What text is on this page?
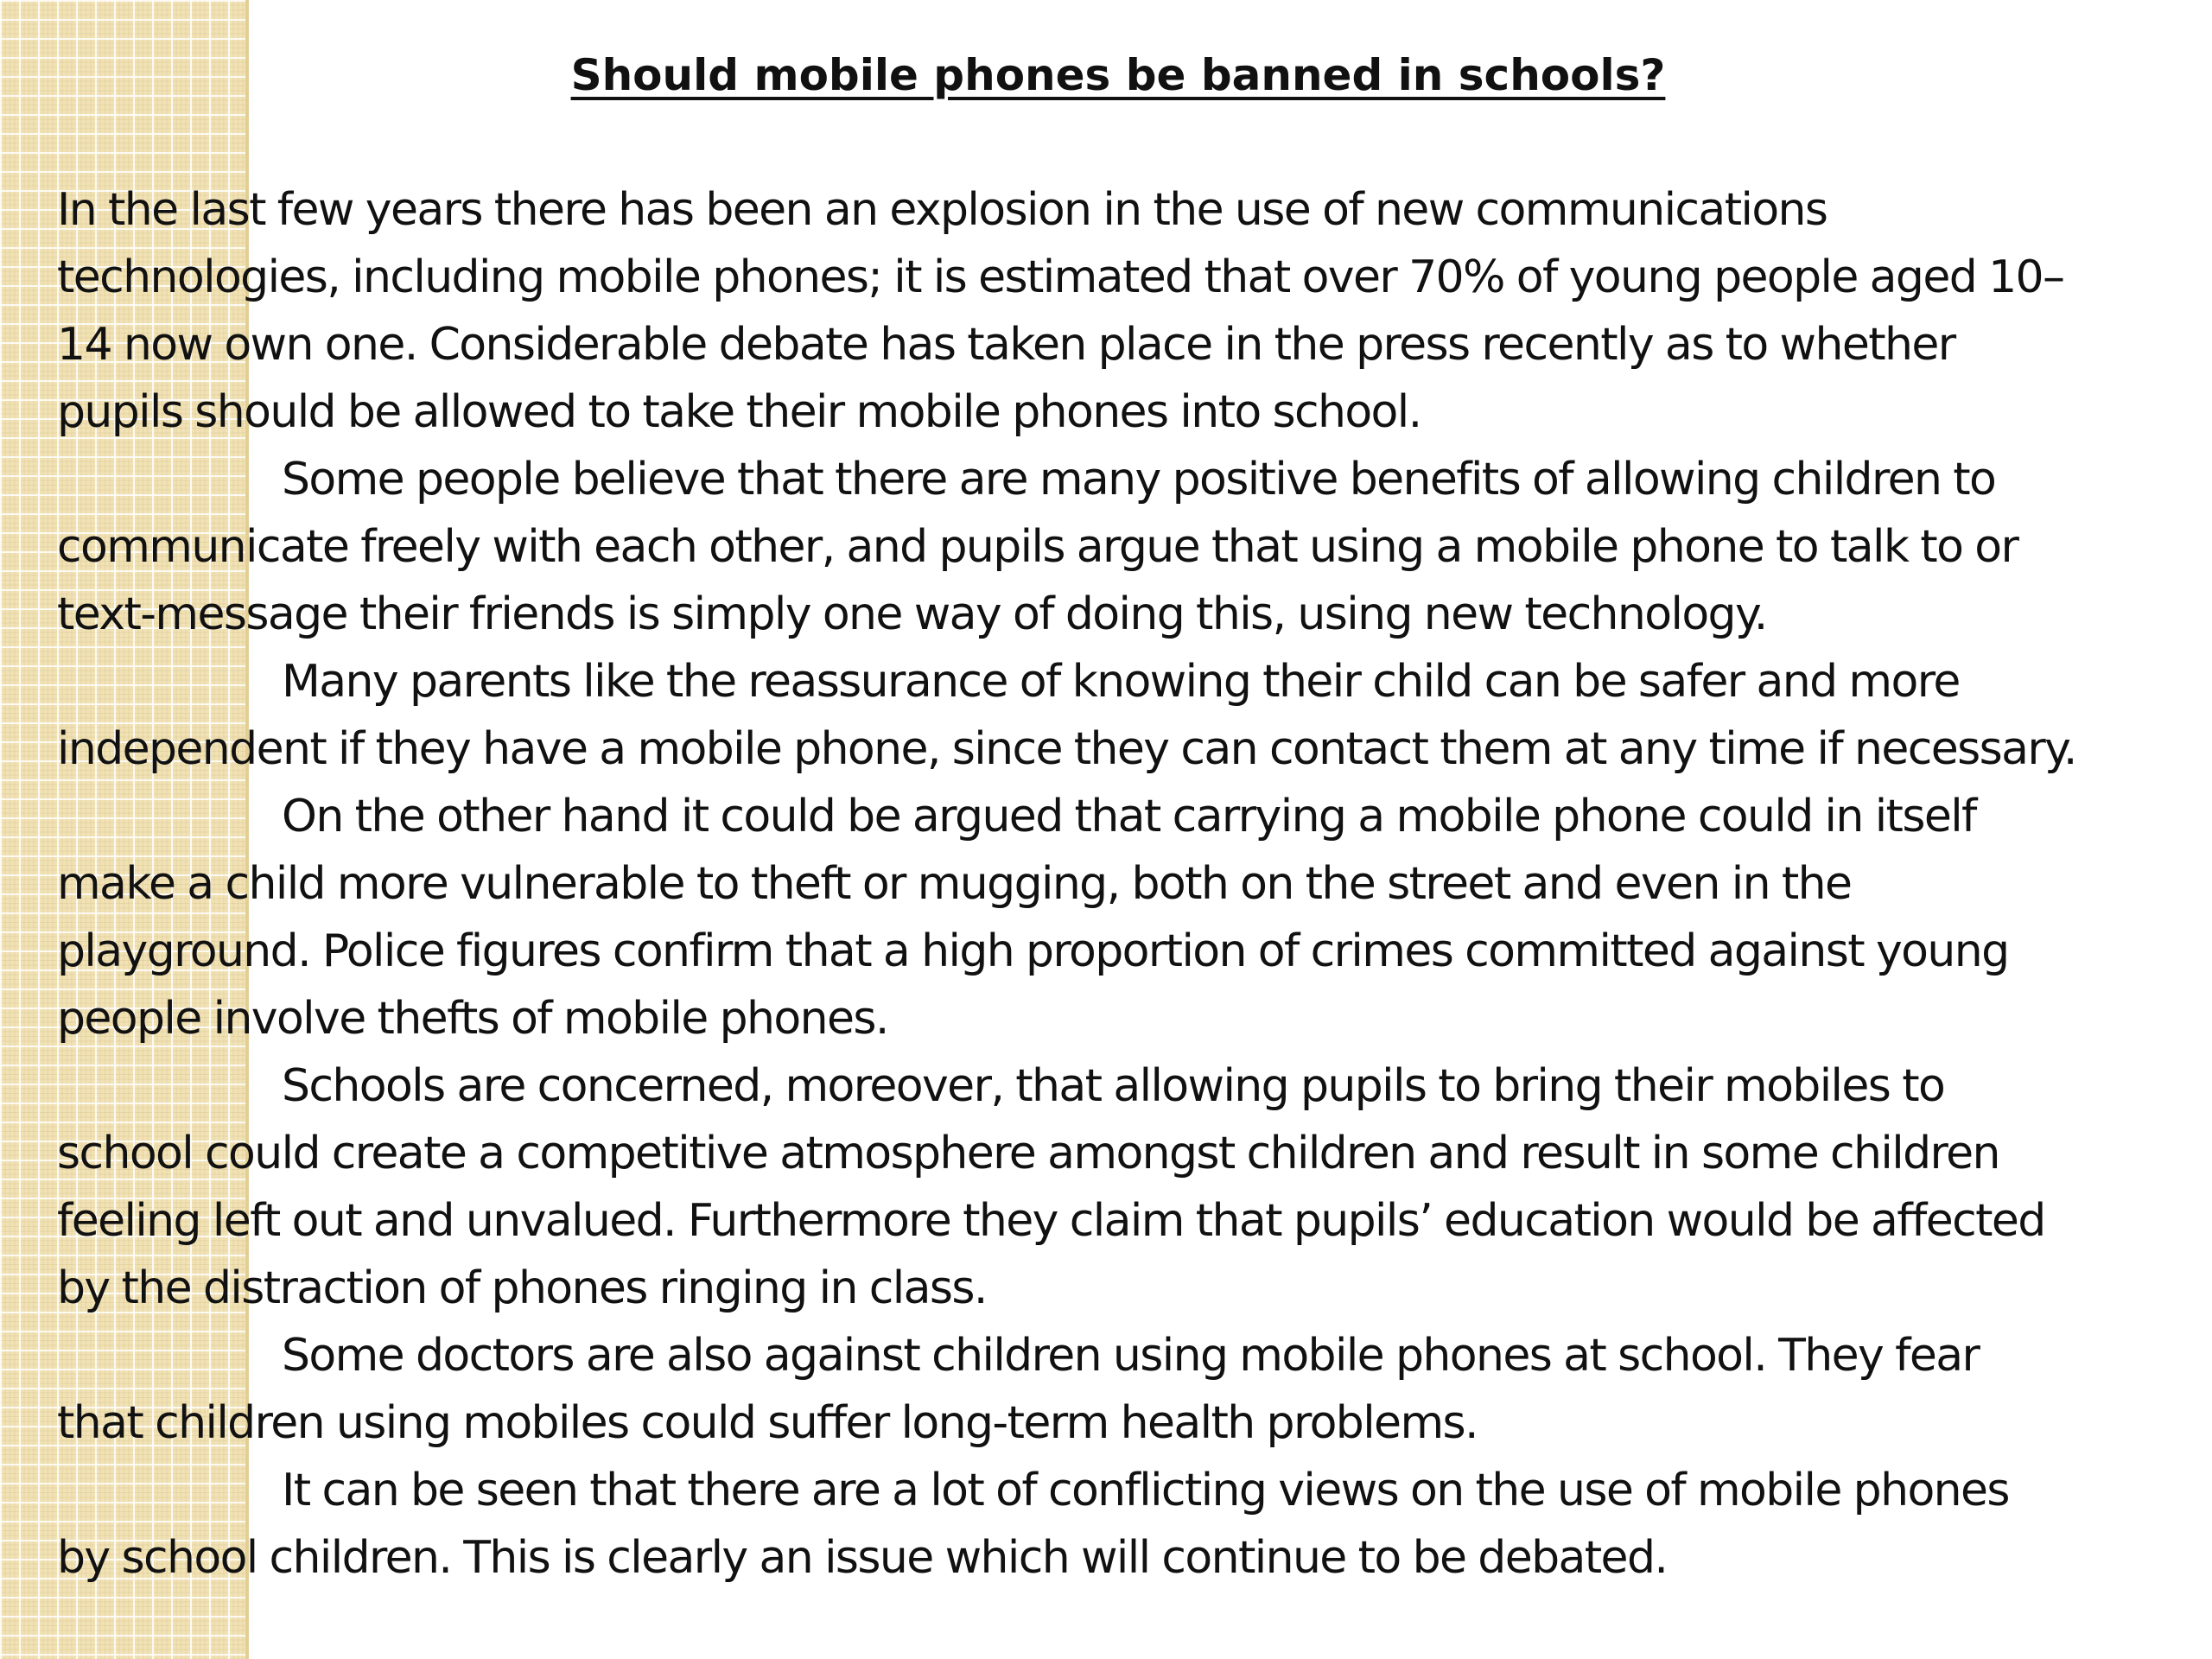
Should mobile phones be banned in schools?
In the last few years there has been an explosion in the use of new communications
technologies, including mobile phones; it is estimated that over 70% of young people aged 10–
14 now own one. Considerable debate has taken place in the press recently as to whether
pupils should be allowed to take their mobile phones into school.
Some people believe that there are many positive benefits of allowing children to
communicate freely with each other, and pupils argue that using a mobile phone to talk to or
text-message their friends is simply one way of doing this, using new technology.
Many parents like the reassurance of knowing their child can be safer and more
independent if they have a mobile phone, since they can contact them at any time if necessary.
On the other hand it could be argued that carrying a mobile phone could in itself
make a child more vulnerable to theft or mugging, both on the street and even in the
playground. Police figures confirm that a high proportion of crimes committed against young
people involve thefts of mobile phones.
Schools are concerned, moreover, that allowing pupils to bring their mobiles to
school could create a competitive atmosphere amongst children and result in some children
feeling left out and unvalued. Furthermore they claim that pupils’ education would be affected
by the distraction of phones ringing in class.
Some doctors are also against children using mobile phones at school. They fear
that children using mobiles could suffer long-term health problems.
It can be seen that there are a lot of conflicting views on the use of mobile phones
by school children. This is clearly an issue which will continue to be debated.
